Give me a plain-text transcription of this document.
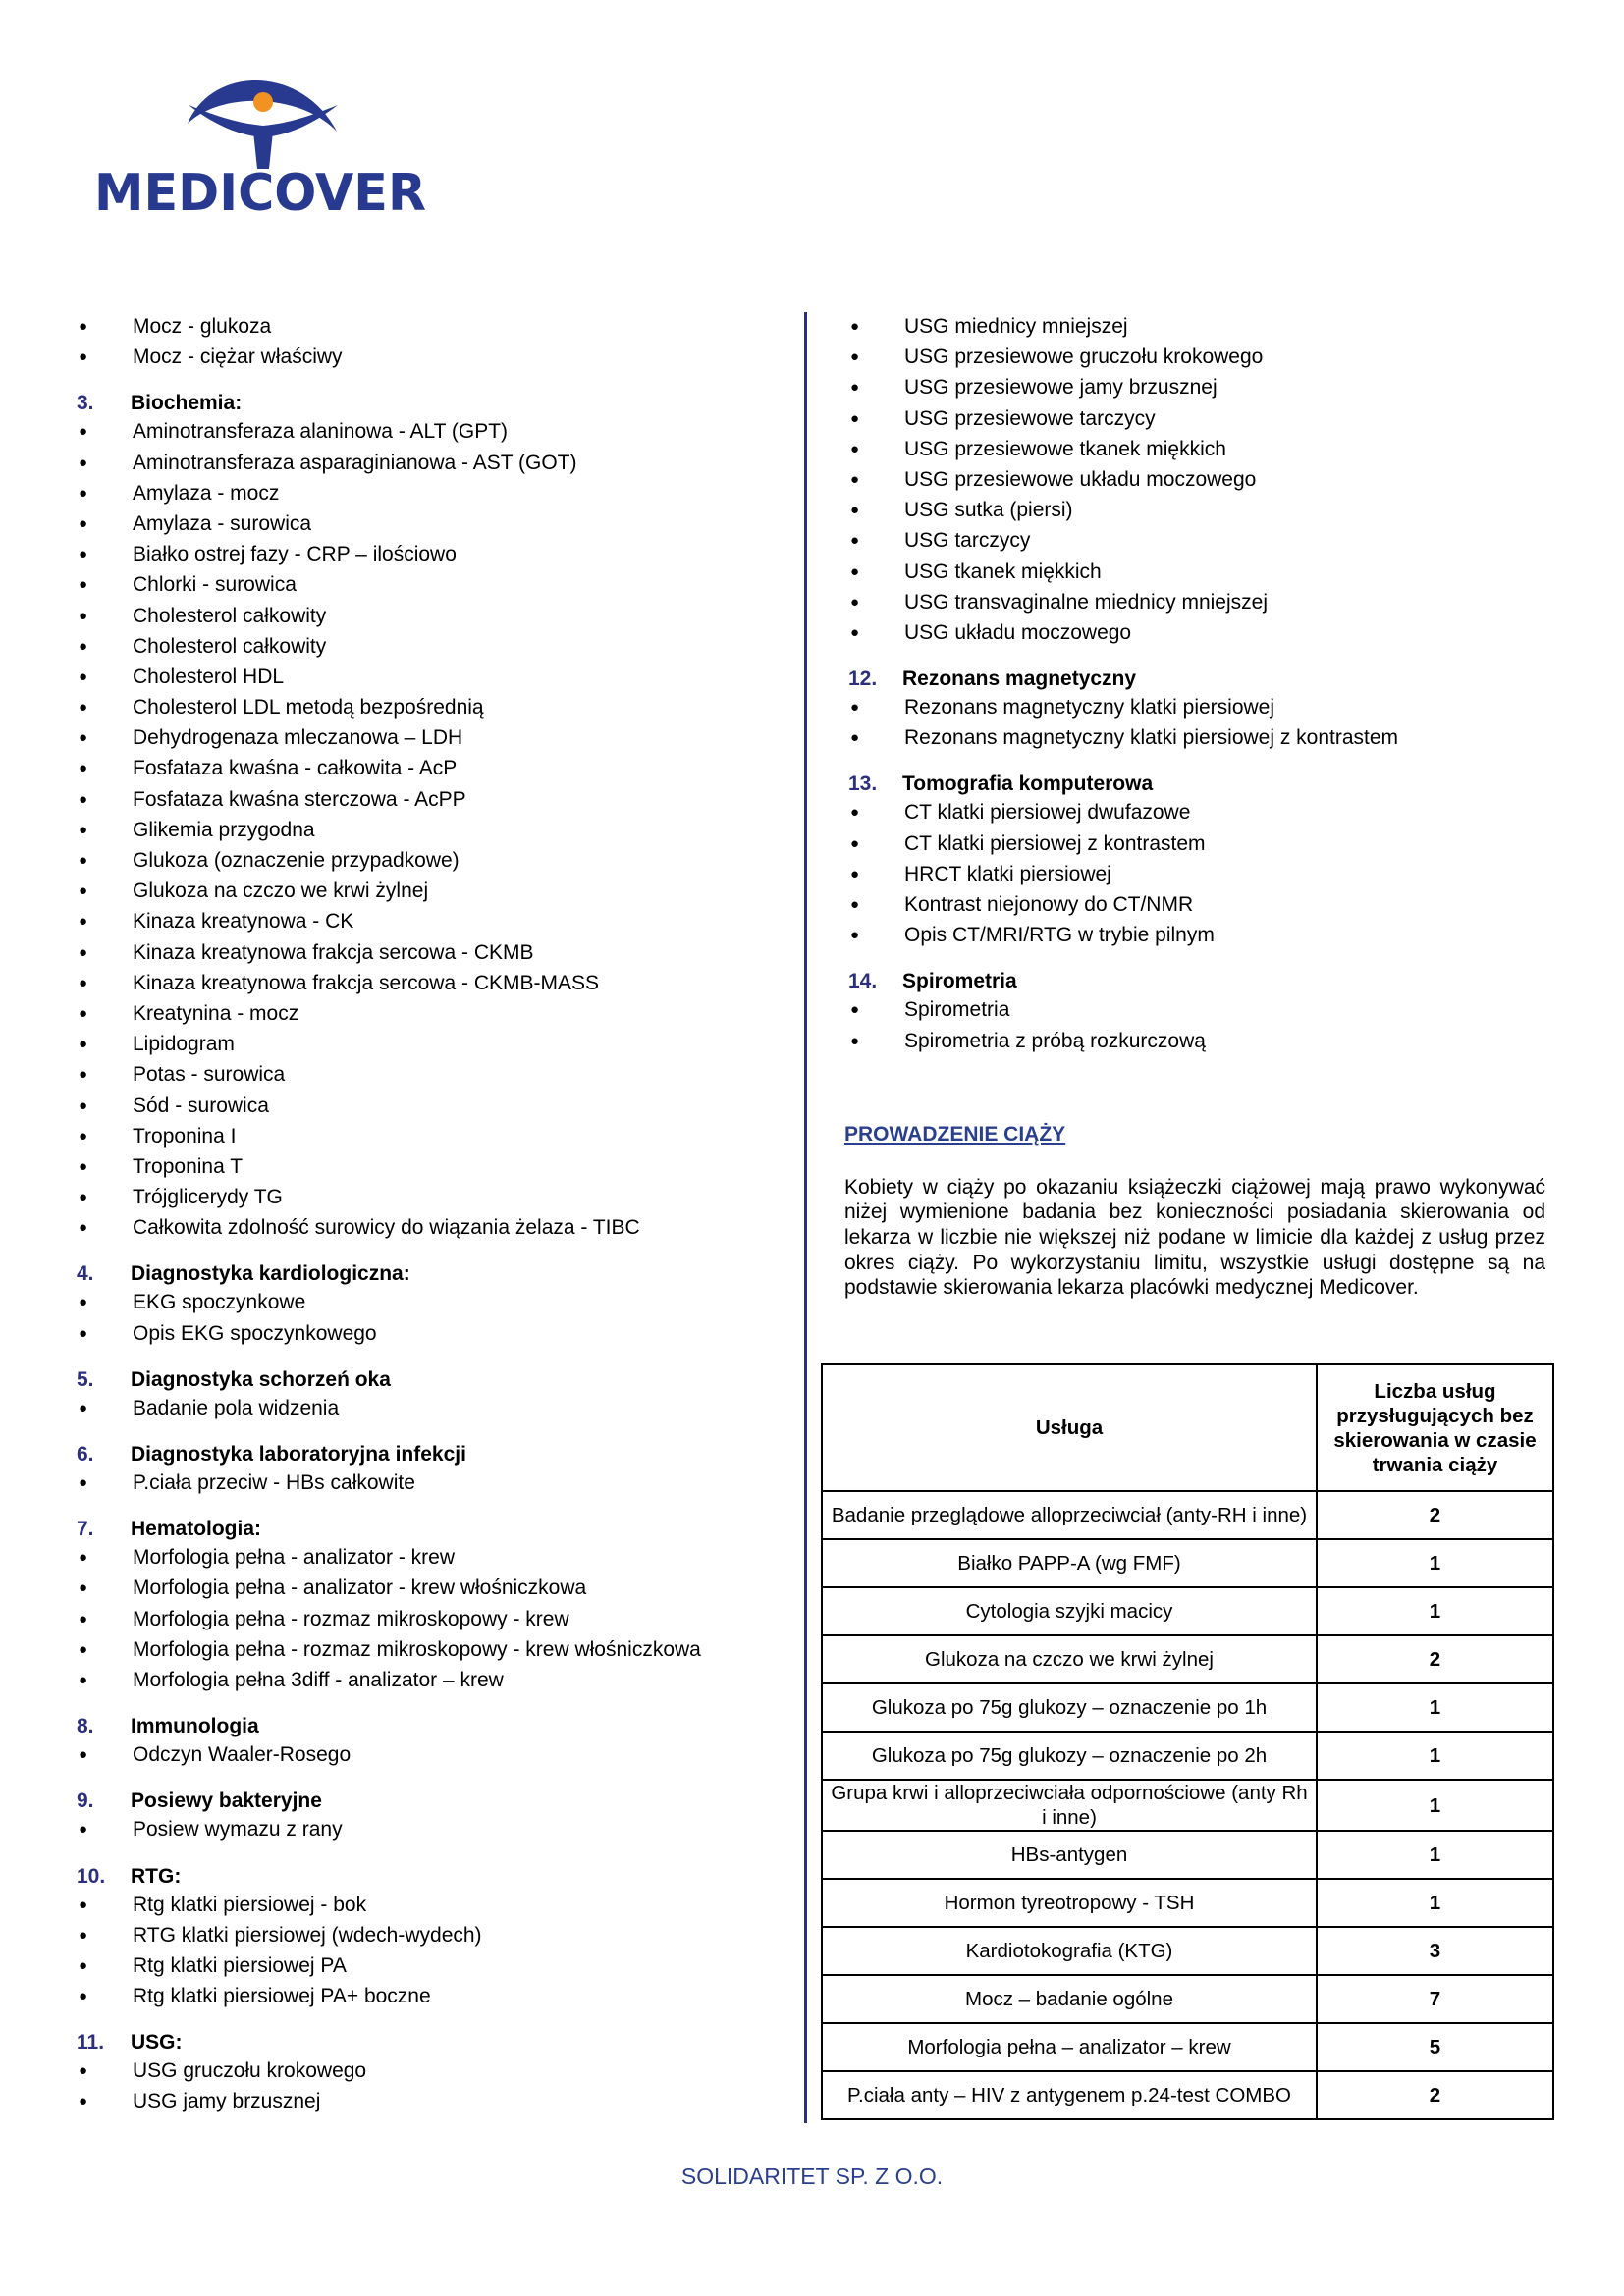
MEDICOVER
●	Mocz - glukoza
●	Mocz - ciężar właściwy
3.	Biochemia:
●	Aminotransferaza alaninowa - ALT (GPT)
●	Aminotransferaza asparaginianowa - AST (GOT)
●	Amylaza - mocz
●	Amylaza - surowica
●	Białko ostrej fazy - CRP – ilościowo
●	Chlorki - surowica
●	Cholesterol całkowity
●	Cholesterol całkowity
●	Cholesterol HDL
●	Cholesterol LDL metodą bezpośrednią
●	Dehydrogenaza mleczanowa – LDH
●	Fosfataza kwaśna - całkowita - AcP
●	Fosfataza kwaśna sterczowa - AcPP
●	Glikemia przygodna
●	Glukoza (oznaczenie przypadkowe)
●	Glukoza na czczo we krwi żylnej
●	Kinaza kreatynowa - CK
●	Kinaza kreatynowa frakcja sercowa - CKMB
●	Kinaza kreatynowa frakcja sercowa - CKMB-MASS
●	Kreatynina - mocz
●	Lipidogram
●	Potas - surowica
●	Sód - surowica
●	Troponina I
●	Troponina T
●	Trójglicerydy TG
●	Całkowita zdolność surowicy do wiązania żelaza - TIBC
4.	Diagnostyka kardiologiczna:
●	EKG spoczynkowe
●	Opis EKG spoczynkowego
5.	Diagnostyka schorzeń oka
●	Badanie pola widzenia
6.	Diagnostyka laboratoryjna infekcji
●	P.ciała przeciw - HBs całkowite
7.	Hematologia:
●	Morfologia pełna - analizator - krew
●	Morfologia pełna - analizator - krew włośniczkowa
●	Morfologia pełna - rozmaz mikroskopowy - krew
●	Morfologia pełna - rozmaz mikroskopowy - krew włośniczkowa
●	Morfologia pełna 3diff - analizator – krew
8.	Immunologia
●	Odczyn Waaler-Rosego
9.	Posiewy bakteryjne
●	Posiew wymazu z rany
10.	RTG:
●	Rtg klatki piersiowej - bok
●	RTG klatki piersiowej (wdech-wydech)
●	Rtg klatki piersiowej PA
●	Rtg klatki piersiowej PA+ boczne
11.	USG:
●	USG gruczołu krokowego
●	USG jamy brzusznej
●	USG miednicy mniejszej
●	USG przesiewowe gruczołu krokowego
●	USG przesiewowe jamy brzusznej
●	USG przesiewowe tarczycy
●	USG przesiewowe tkanek miękkich
●	USG przesiewowe układu moczowego
●	USG sutka (piersi)
●	USG tarczycy
●	USG tkanek miękkich
●	USG transvaginalne miednicy mniejszej
●	USG układu moczowego
12.	Rezonans magnetyczny
●	Rezonans magnetyczny klatki piersiowej
●	Rezonans magnetyczny klatki piersiowej z kontrastem
13.	Tomografia komputerowa
●	CT klatki piersiowej dwufazowe
●	CT klatki piersiowej z kontrastem
●	HRCT klatki piersiowej
●	Kontrast niejonowy do CT/NMR
●	Opis CT/MRI/RTG w trybie pilnym
14.	Spirometria
●	Spirometria
●	Spirometria z próbą rozkurczową
PROWADZENIE CIĄŻY
Kobiety w ciąży po okazaniu książeczki ciążowej mają prawo wykonywać niżej wymienione badania bez konieczności posiadania skierowania od lekarza w liczbie nie większej niż podane w limicie dla każdej z usług przez okres ciąży. Po wykorzystaniu limitu, wszystkie usługi dostępne są na podstawie skierowania lekarza placówki medycznej Medicover.
Usługa	Liczba usług przysługujących bez skierowania w czasie trwania ciąży
Badanie przeglądowe alloprzeciwciał (anty-RH i inne)	2
Białko PAPP-A (wg FMF)	1
Cytologia szyjki macicy	1
Glukoza na czczo we krwi żylnej	2
Glukoza po 75g glukozy – oznaczenie po 1h	1
Glukoza po 75g glukozy – oznaczenie po 2h	1
Grupa krwi i alloprzeciwciała odpornościowe (anty Rh i inne)	1
HBs-antygen	1
Hormon tyreotropowy - TSH	1
Kardiotokografia (KTG)	3
Mocz – badanie ogólne	7
Morfologia pełna – analizator – krew	5
P.ciała anty – HIV z antygenem p.24-test COMBO	2
SOLIDARITET SP. Z O.O.
